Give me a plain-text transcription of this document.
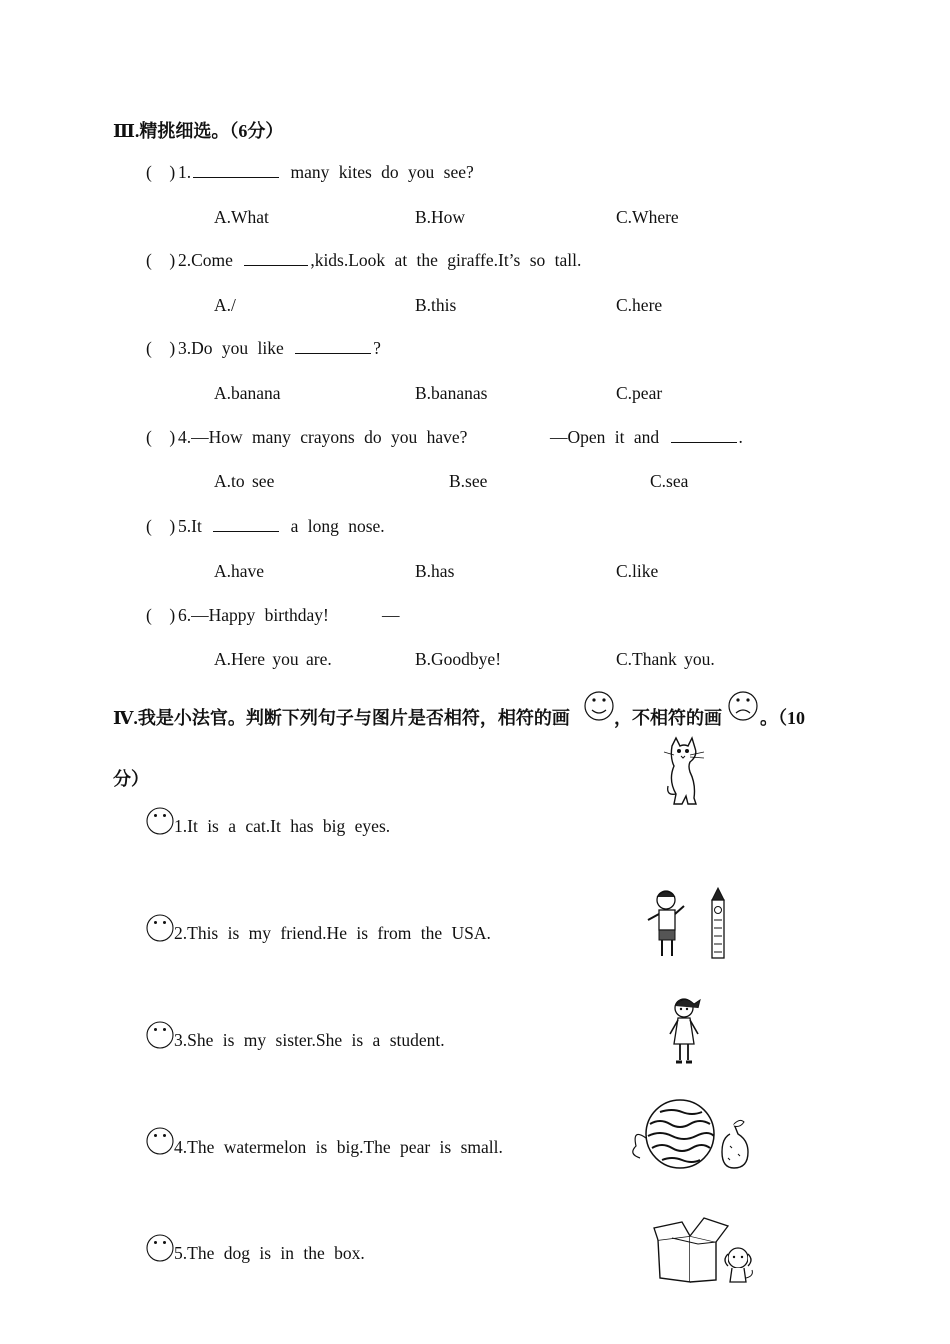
Ⅲ.精挑细选。（6分）
( ) 1.	many kites do you see?
A.What	B.How	C.Where
( ) 2.Come	,kids.Look at the giraffe.It’s so tall.
A./	B.this	C.here
( ) 3.Do you like	?
A.banana	B.bananas	C.pear
( ) 4.—How many crayons do you have?	—Open it and	.
A.to see	B.see	C.sea
( ) 5.It	a long nose.
A.have	B.has	C.like
( ) 6.—Happy birthday!	—
A.Here you are.	B.Goodbye!	C.Thank you.
Ⅳ.我是小法官。判断下列句子与图片是否相符，相符的画 ，不相符的画 。（10
分）
1.It is a cat.It has big eyes.
2.This is my friend.He is from the USA.
3.She is my sister.She is a student.
4.The watermelon is big.The pear is small.
5.The dog is in the box.
